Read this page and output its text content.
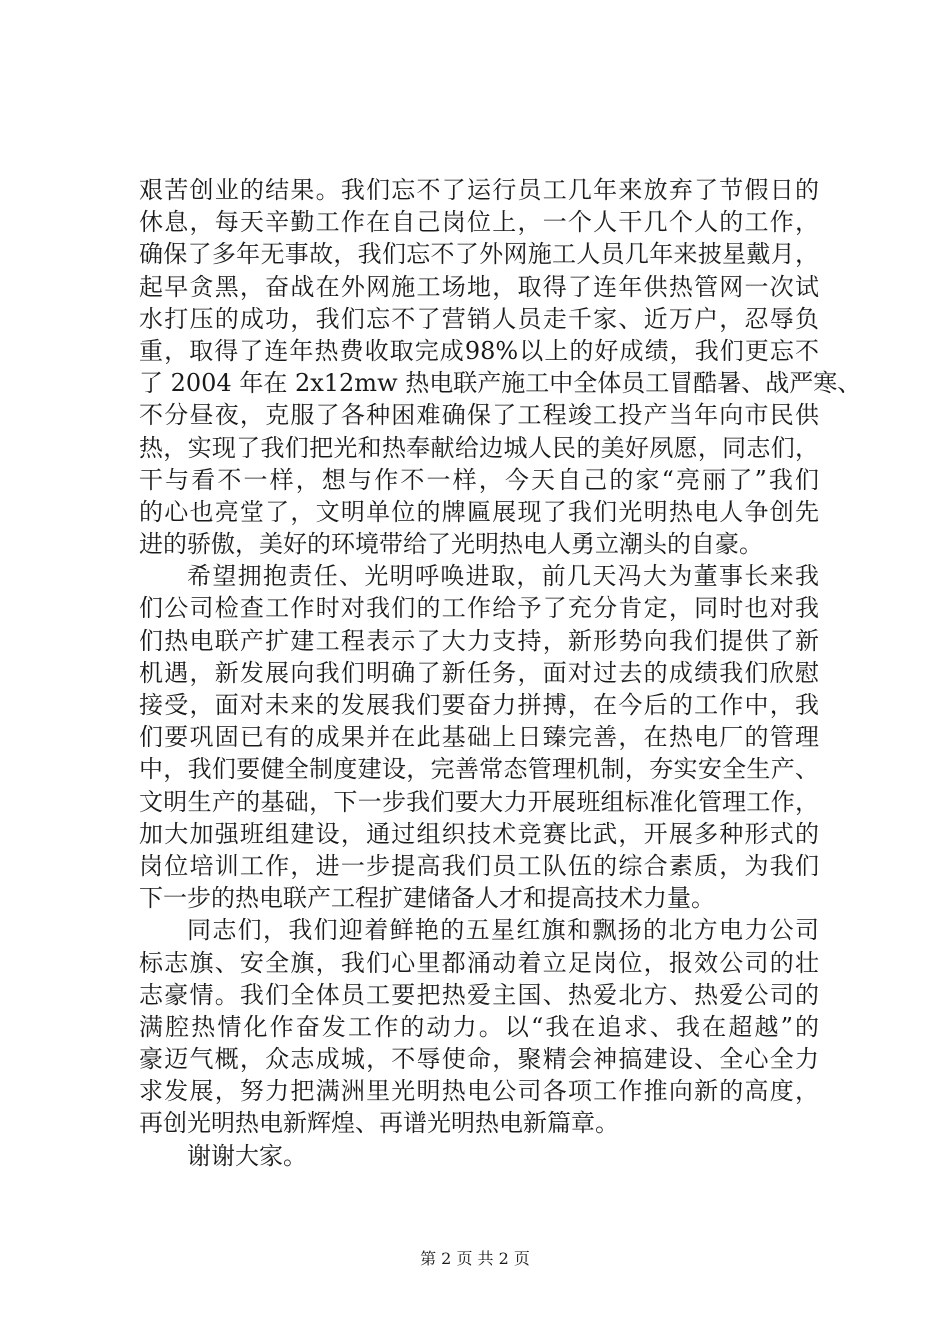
艰苦创业的结果。我们忘不了运行员工几年来放弃了节假日的
休息，每天辛勤工作在自己岗位上，一个人干几个人的工作，
确保了多年无事故，我们忘不了外网施工人员几年来披星戴月，
起早贪黑，奋战在外网施工场地，取得了连年供热管网一次试
水打压的成功，我们忘不了营销人员走千家、近万户，忍辱负
重，取得了连年热费收取完成98%以上的好成绩，我们更忘不
了 2004 年在 2x12mw 热电联产施工中全体员工冒酷暑、战严寒、
不分昼夜，克服了各种困难确保了工程竣工投产当年向市民供
热，实现了我们把光和热奉献给边城人民的美好夙愿，同志们，
干与看不一样，想与作不一样，今天自己的家“亮丽了”我们
的心也亮堂了，文明单位的牌匾展现了我们光明热电人争创先
进的骄傲，美好的环境带给了光明热电人勇立潮头的自豪。
希望拥抱责任、光明呼唤进取，前几天冯大为董事长来我
们公司检查工作时对我们的工作给予了充分肯定，同时也对我
们热电联产扩建工程表示了大力支持，新形势向我们提供了新
机遇，新发展向我们明确了新任务，面对过去的成绩我们欣慰
接受，面对未来的发展我们要奋力拼搏，在今后的工作中，我
们要巩固已有的成果并在此基础上日臻完善，在热电厂的管理
中，我们要健全制度建设，完善常态管理机制，夯实安全生产、
文明生产的基础，下一步我们要大力开展班组标准化管理工作，
加大加强班组建设，通过组织技术竞赛比武，开展多种形式的
岗位培训工作，进一步提高我们员工队伍的综合素质，为我们
下一步的热电联产工程扩建储备人才和提高技术力量。
同志们，我们迎着鲜艳的五星红旗和飘扬的北方电力公司
标志旗、安全旗，我们心里都涌动着立足岗位，报效公司的壮
志豪情。我们全体员工要把热爱主国、热爱北方、热爱公司的
满腔热情化作奋发工作的动力。以“我在追求、我在超越”的
豪迈气概，众志成城，不辱使命，聚精会神搞建设、全心全力
求发展，努力把满洲里光明热电公司各项工作推向新的高度，
再创光明热电新辉煌、再谱光明热电新篇章。
谢谢大家。
第 2 页 共 2 页
